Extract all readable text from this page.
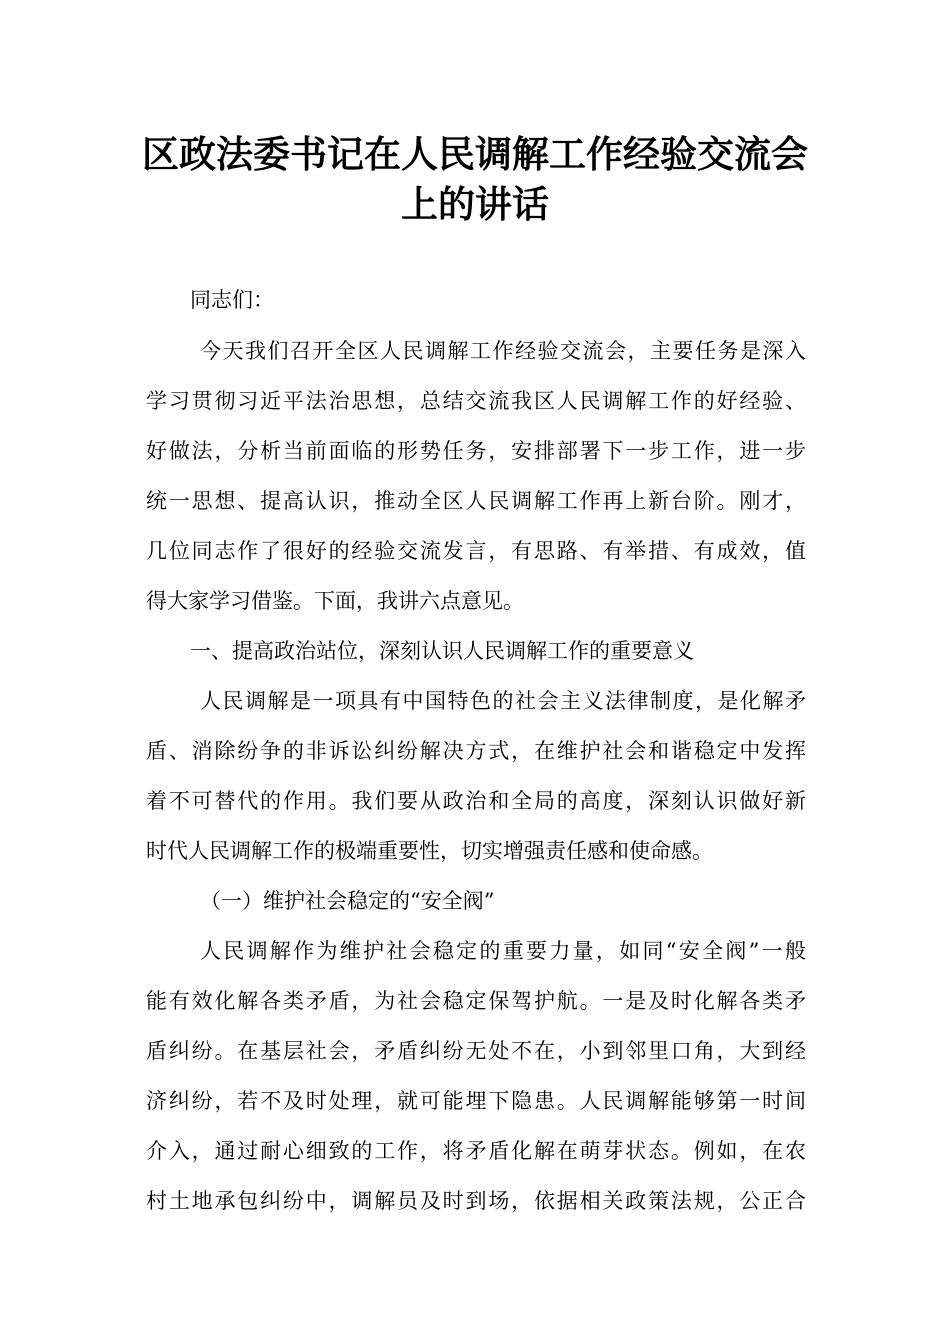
区政法委书记在人民调解工作经验交流会
上的讲话
同志们：
今天我们召开全区人民调解工作经验交流会，主要任务是深入
学习贯彻习近平法治思想，总结交流我区人民调解工作的好经验、
好做法，分析当前面临的形势任务，安排部署下一步工作，进一步
统一思想、提高认识，推动全区人民调解工作再上新台阶。刚才，
几位同志作了很好的经验交流发言，有思路、有举措、有成效，值
得大家学习借鉴。下面，我讲六点意见。
一、提高政治站位，深刻认识人民调解工作的重要意义
人民调解是一项具有中国特色的社会主义法律制度，是化解矛
盾、消除纷争的非诉讼纠纷解决方式，在维护社会和谐稳定中发挥
着不可替代的作用。我们要从政治和全局的高度，深刻认识做好新
时代人民调解工作的极端重要性，切实增强责任感和使命感。
（一）维护社会稳定的“安全阀”
人民调解作为维护社会稳定的重要力量，如同“安全阀”一般
能有效化解各类矛盾，为社会稳定保驾护航。一是及时化解各类矛
盾纠纷。在基层社会，矛盾纠纷无处不在，小到邻里口角，大到经
济纠纷，若不及时处理，就可能埋下隐患。人民调解能够第一时间
介入，通过耐心细致的工作，将矛盾化解在萌芽状态。例如，在农
村土地承包纠纷中，调解员及时到场，依据相关政策法规，公正合
